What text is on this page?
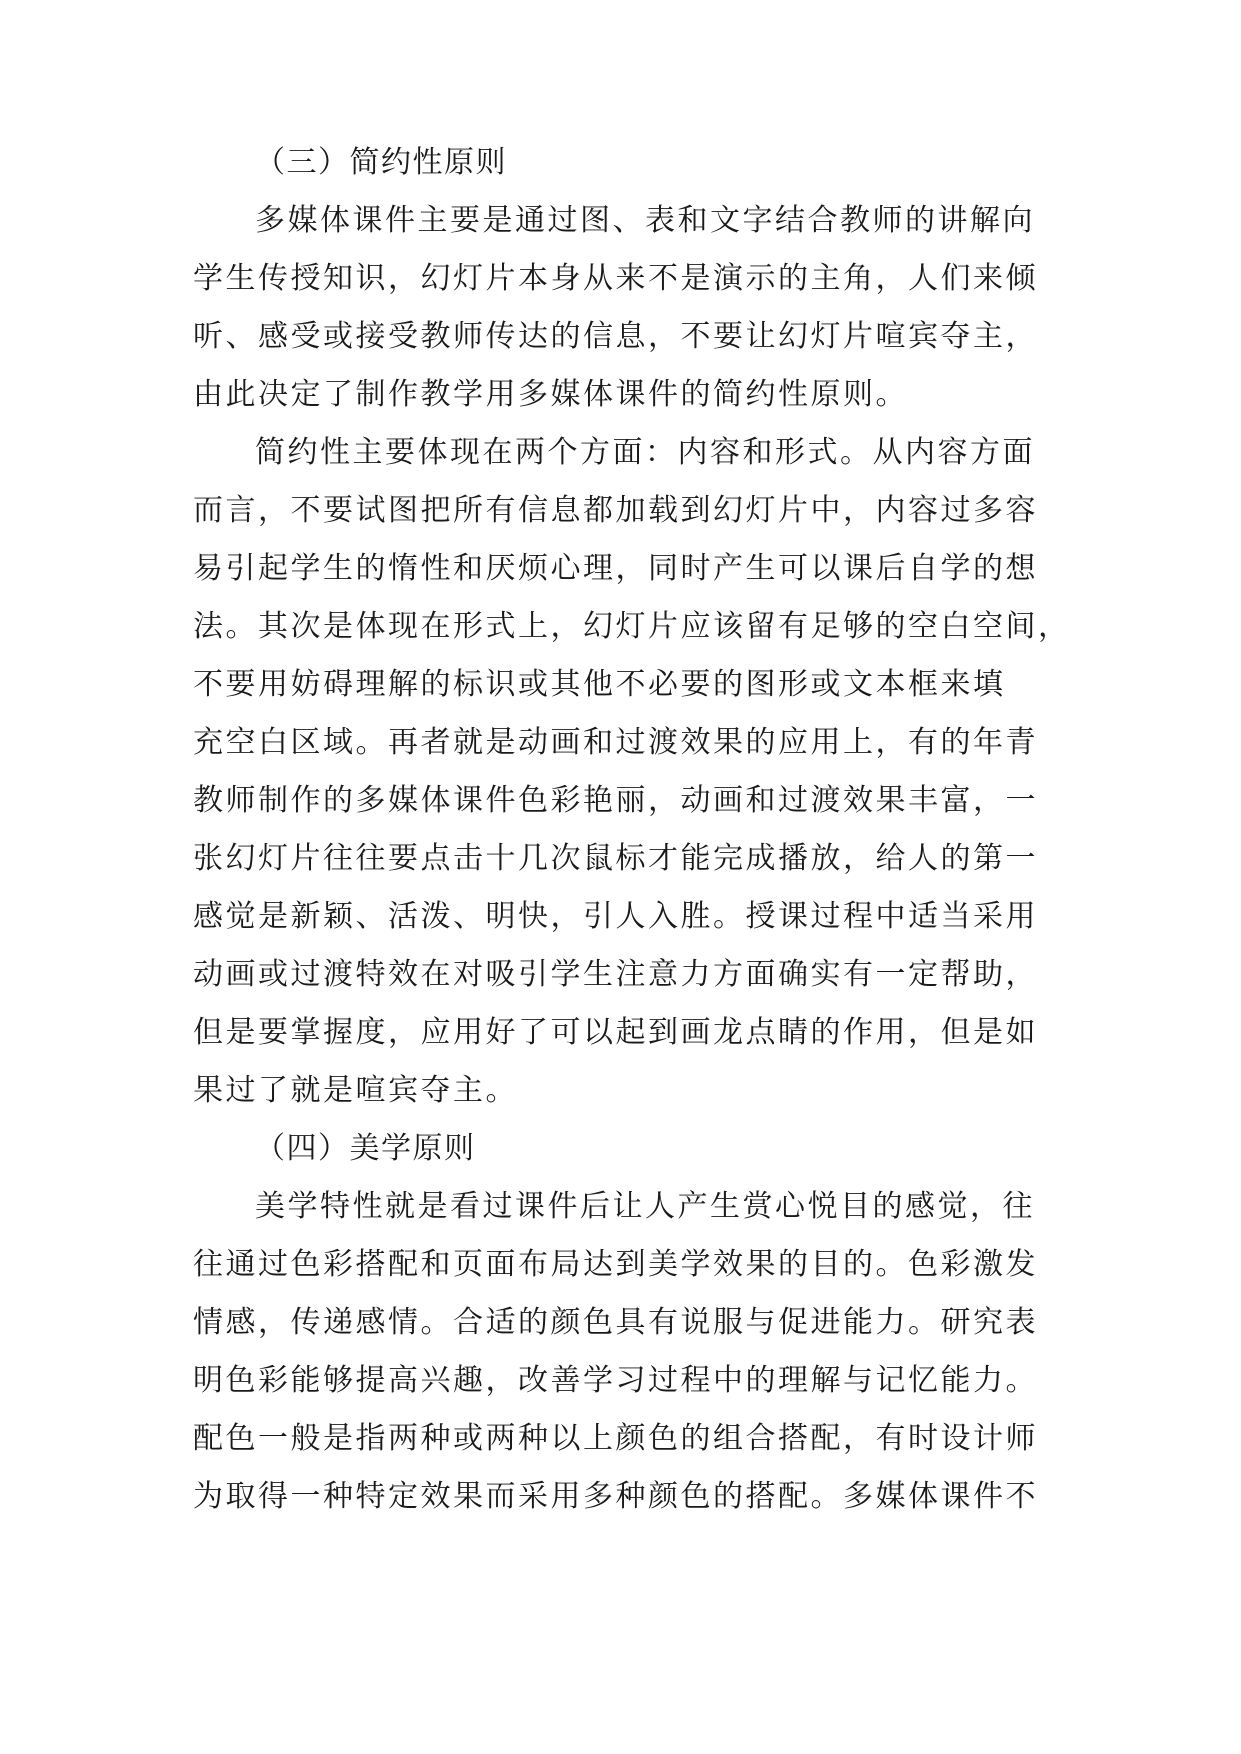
（三）简约性原则
多媒体课件主要是通过图、表和文字结合教师的讲解向
学生传授知识，幻灯片本身从来不是演示的主角，人们来倾
听、感受或接受教师传达的信息，不要让幻灯片喧宾夺主，
由此决定了制作教学用多媒体课件的简约性原则。
简约性主要体现在两个方面：内容和形式。从内容方面
而言，不要试图把所有信息都加载到幻灯片中，内容过多容
易引起学生的惰性和厌烦心理，同时产生可以课后自学的想
法。其次是体现在形式上，幻灯片应该留有足够的空白空间，
不要用妨碍理解的标识或其他不必要的图形或文本框来填
充空白区域。再者就是动画和过渡效果的应用上，有的年青
教师制作的多媒体课件色彩艳丽，动画和过渡效果丰富，一
张幻灯片往往要点击十几次鼠标才能完成播放，给人的第一
感觉是新颖、活泼、明快，引人入胜。授课过程中适当采用
动画或过渡特效在对吸引学生注意力方面确实有一定帮助，
但是要掌握度，应用好了可以起到画龙点睛的作用，但是如
果过了就是喧宾夺主。
（四）美学原则
美学特性就是看过课件后让人产生赏心悦目的感觉，往
往通过色彩搭配和页面布局达到美学效果的目的。色彩激发
情感，传递感情。合适的颜色具有说服与促进能力。研究表
明色彩能够提高兴趣，改善学习过程中的理解与记忆能力。
配色一般是指两种或两种以上颜色的组合搭配，有时设计师
为取得一种特定效果而采用多种颜色的搭配。多媒体课件不
